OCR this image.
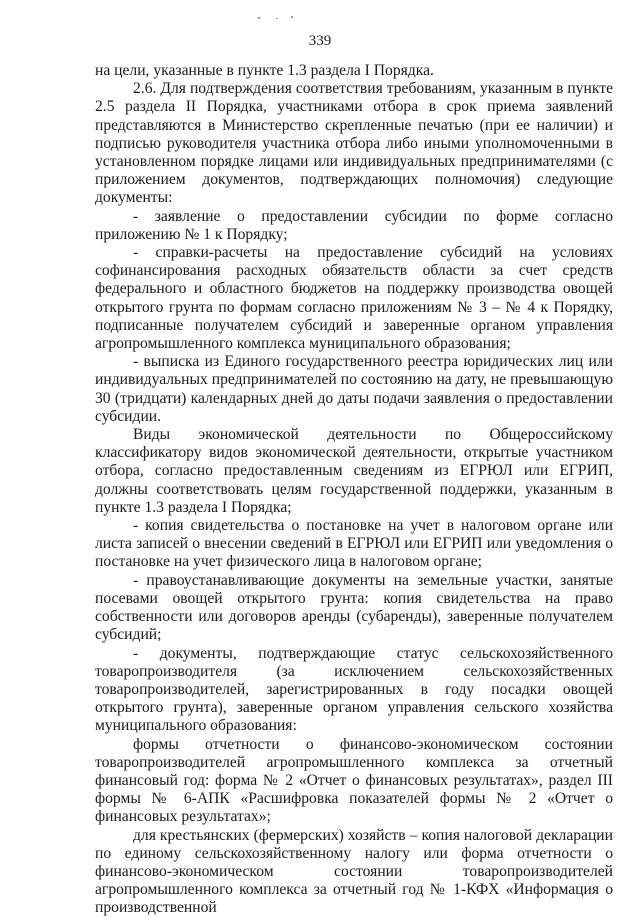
339

на цели, указанные в пункте 1.3 раздела I Порядка.

2.6. Для подтверждения соответствия требованиям, указанным в пункте 2.5 раздела II Порядка, участниками отбора в срок приема заявлений представляются в Министерство скрепленные печатью (при ее наличии) и подписью руководителя участника отбора либо иными уполномоченными в установленном порядке лицами или индивидуальных предпринимателями (с приложением документов, подтверждающих полномочия) следующие документы:

- заявление о предоставлении субсидии по форме согласно приложению № 1 к Порядку;

- справки-расчеты на предоставление субсидий на условиях софинансирования расходных обязательств области за счет средств федерального и областного бюджетов на поддержку производства овощей открытого грунта по формам согласно приложениям № 3 – № 4 к Порядку, подписанные получателем субсидий и заверенные органом управления агропромышленного комплекса муниципального образования;

- выписка из Единого государственного реестра юридических лиц или индивидуальных предпринимателей по состоянию на дату, не превышающую 30 (тридцати) календарных дней до даты подачи заявления о предоставлении субсидии.

Виды экономической деятельности по Общероссийскому классификатору видов экономической деятельности, открытые участником отбора, согласно предоставленным сведениям из ЕГРЮЛ или ЕГРИП, должны соответствовать целям государственной поддержки, указанным в пункте 1.3 раздела I Порядка;

- копия свидетельства о постановке на учет в налоговом органе или листа записей о внесении сведений в ЕГРЮЛ или ЕГРИП или уведомления о постановке на учет физического лица в налоговом органе;

- правоустанавливающие документы на земельные участки, занятые посевами овощей открытого грунта: копия свидетельства на право собственности или договоров аренды (субаренды), заверенные получателем субсидий;

- документы, подтверждающие статус сельскохозяйственного товаропроизводителя (за исключением сельскохозяйственных товаропроизводителей, зарегистрированных в году посадки овощей открытого грунта), заверенные органом управления сельского хозяйства муниципального образования:

формы отчетности о финансово-экономическом состоянии товаропроизводителей агропромышленного комплекса за отчетный финансовый год: форма № 2 «Отчет о финансовых результатах», раздел III формы № 6-АПК «Расшифровка показателей формы № 2 «Отчет о финансовых результатах»;

для крестьянских (фермерских) хозяйств – копия налоговой декларации по единому сельскохозяйственному налогу или форма отчетности о финансово-экономическом состоянии товаропроизводителей агропромышленного комплекса за отчетный год № 1-КФХ «Информация о производственной
